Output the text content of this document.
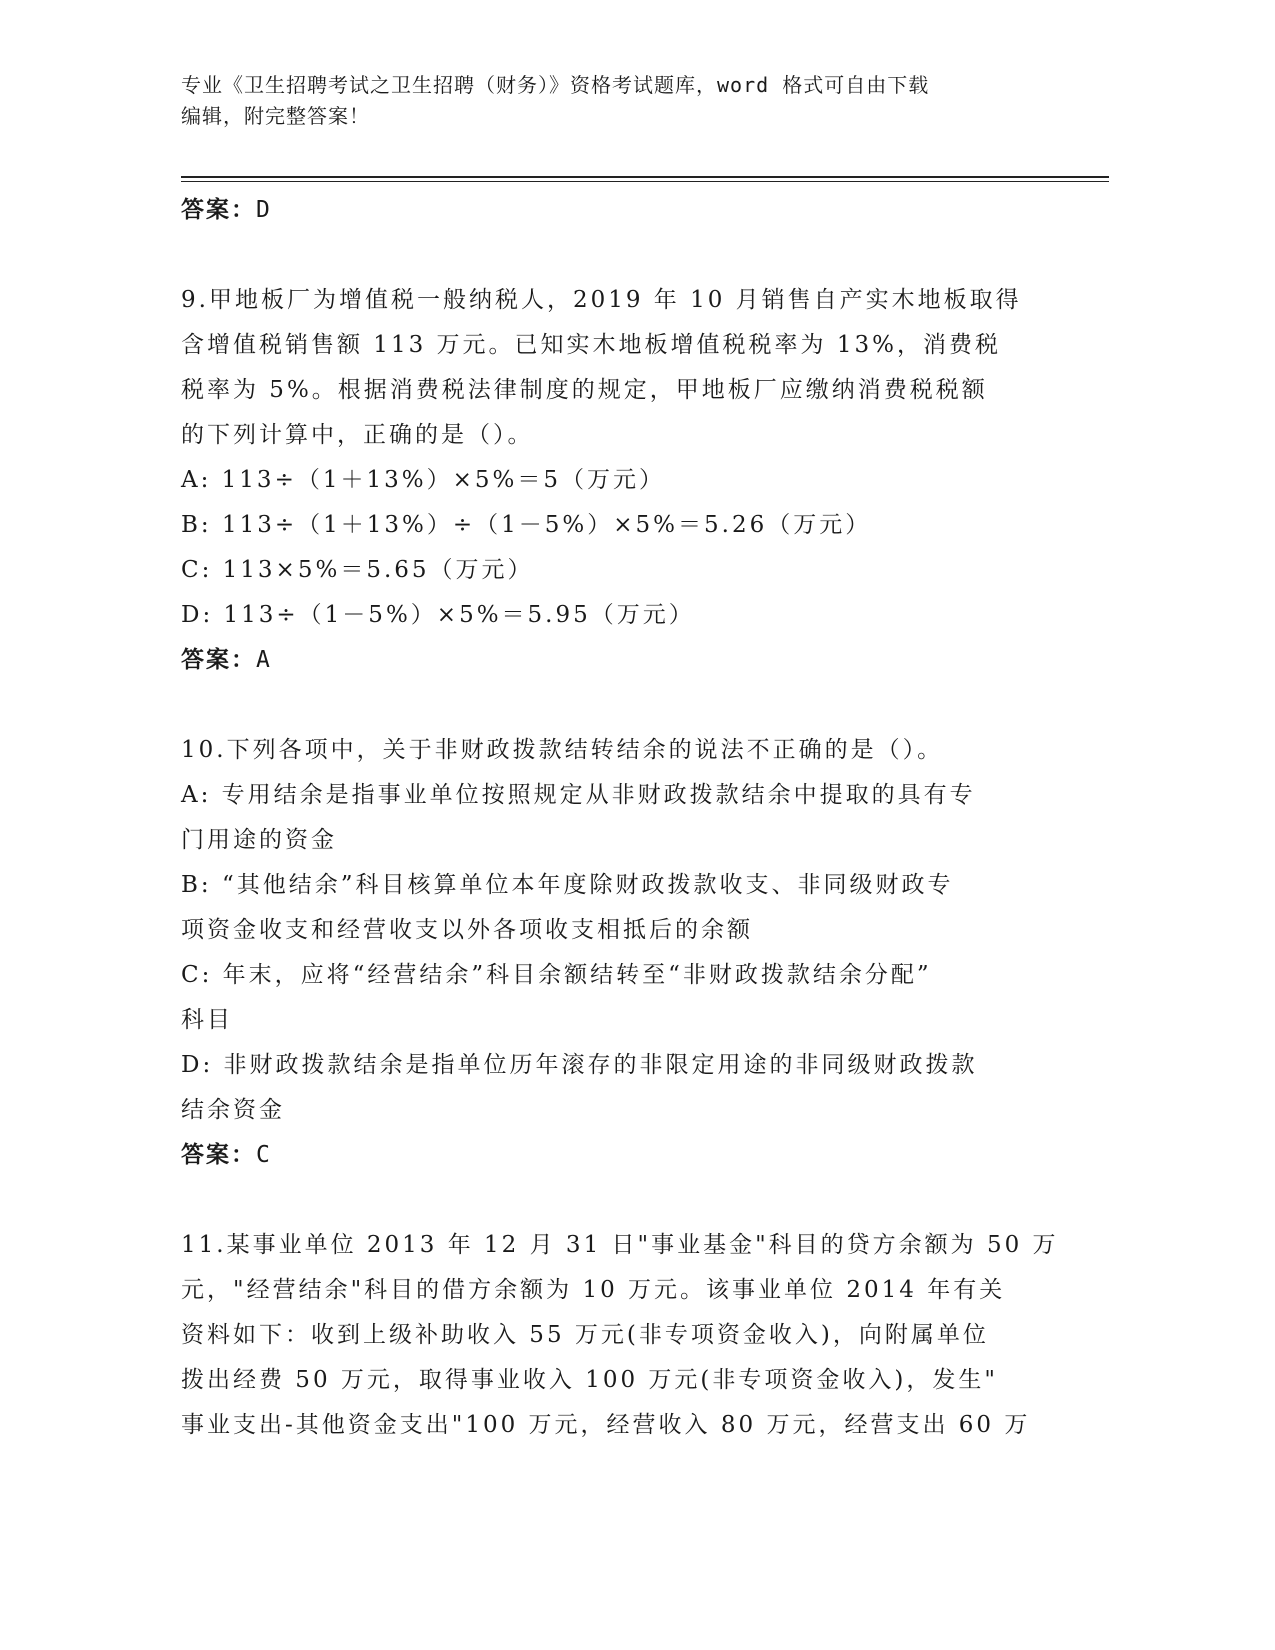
专业《卫生招聘考试之卫生招聘（财务）》资格考试题库，word 格式可自由下载
编辑，附完整答案！
答案：D
9.甲地板厂为增值税一般纳税人，2019 年 10 月销售自产实木地板取得
含增值税销售额 113 万元。已知实木地板增值税税率为 13%，消费税
税率为 5%。根据消费税法律制度的规定，甲地板厂应缴纳消费税税额
的下列计算中，正确的是（）。
A: 113÷（1＋13%）×5%＝5（万元）
B: 113÷（1＋13%）÷（1－5%）×5%＝5.26（万元）
C: 113×5%＝5.65（万元）
D: 113÷（1－5%）×5%＝5.95（万元）
答案：A
10.下列各项中，关于非财政拨款结转结余的说法不正确的是（）。
A: 专用结余是指事业单位按照规定从非财政拨款结余中提取的具有专
门用途的资金
B: “其他结余”科目核算单位本年度除财政拨款收支、非同级财政专
项资金收支和经营收支以外各项收支相抵后的余额
C: 年末，应将“经营结余”科目余额结转至“非财政拨款结余分配”
科目
D: 非财政拨款结余是指单位历年滚存的非限定用途的非同级财政拨款
结余资金
答案：C
11.某事业单位 2013 年 12 月 31 日"事业基金"科目的贷方余额为 50 万
元，"经营结余"科目的借方余额为 10 万元。该事业单位 2014 年有关
资料如下：收到上级补助收入 55 万元(非专项资金收入)，向附属单位
拨出经费 50 万元，取得事业收入 100 万元(非专项资金收入)，发生"
事业支出-其他资金支出"100 万元，经营收入 80 万元，经营支出 60 万
